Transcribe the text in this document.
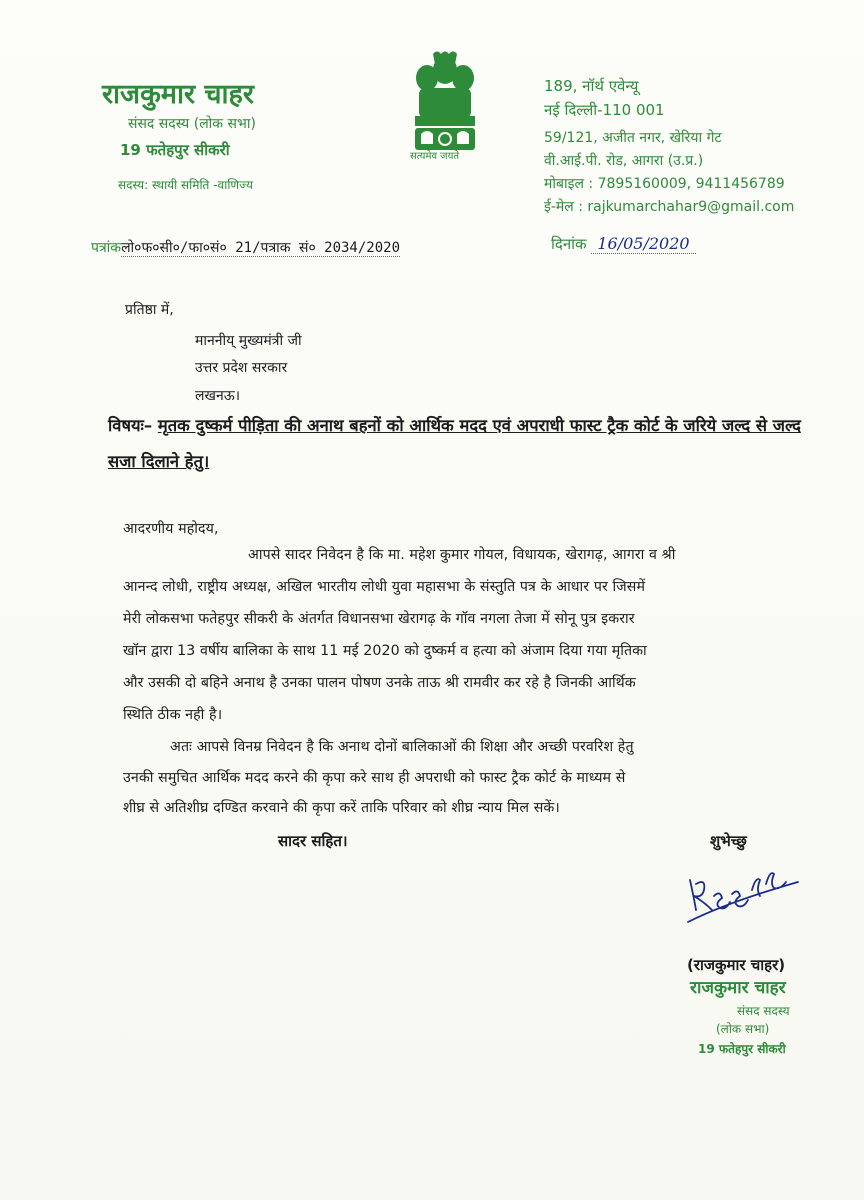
राजकुमार चाहर
संसद सदस्य (लोक सभा)
19 फतेहपुर सीकरी
सदस्य: स्थायी समिति -वाणिज्य
सत्यमेव जयते
189, नॉर्थ एवेन्यू
नई दिल्ली-110 001
59/121, अजीत नगर, खेरिया गेट
वी.आई.पी. रोड, आगरा (उ.प्र.)
मोबाइल : 7895160009, 9411456789
ई-मेल : rajkumarchahar9@gmail.com
पत्रांकलो०फ०सी०/फा०सं० 21/पत्राक सं० 2034/2020	दिनांक 16/05/2020
प्रतिष्ठा में,
माननीय् मुख्यमंत्री जी
उत्तर प्रदेश सरकार
लखनऊ।
विषयः– मृतक दुष्कर्म पीड़िता की अनाथ बहनों को आर्थिक मदद एवं अपराधी फास्ट ट्रैक कोर्ट के जरिये जल्द से जल्द सजा दिलाने हेतु।
आदरणीय महोदय,
आपसे सादर निवेदन है कि मा. महेश कुमार गोयल, विधायक, खेरागढ़, आगरा व श्री
आनन्द लोधी, राष्ट्रीय अध्यक्ष, अखिल भारतीय लोधी युवा महासभा के संस्तुति पत्र के आधार पर जिसमें
मेरी लोकसभा फतेहपुर सीकरी के अंतर्गत विधानसभा खेरागढ़ के गॉव नगला तेजा में सोनू पुत्र इकरार
खॉन द्वारा 13 वर्षीय बालिका के साथ 11 मई 2020 को दुष्कर्म व हत्या को अंजाम दिया गया मृतिका
और उसकी दो बहिने अनाथ है उनका पालन पोषण उनके ताऊ श्री रामवीर कर रहे है जिनकी आर्थिक
स्थिति ठीक नही है।
अतः आपसे विनम्र निवेदन है कि अनाथ दोनों बालिकाओं की शिक्षा और अच्छी परवरिश हेतु
उनकी समुचित आर्थिक मदद करने की कृपा करे साथ ही अपराधी को फास्ट ट्रैक कोर्ट के माध्यम से
शीघ्र से अतिशीघ्र दण्डित करवाने की कृपा करें ताकि परिवार को शीघ्र न्याय मिल सकें।
सादर सहित।	शुभेच्छु
(राजकुमार चाहर)
राजकुमार चाहर
संसद सदस्य
(लोक सभा)
19 फतेहपुर सीकरी
